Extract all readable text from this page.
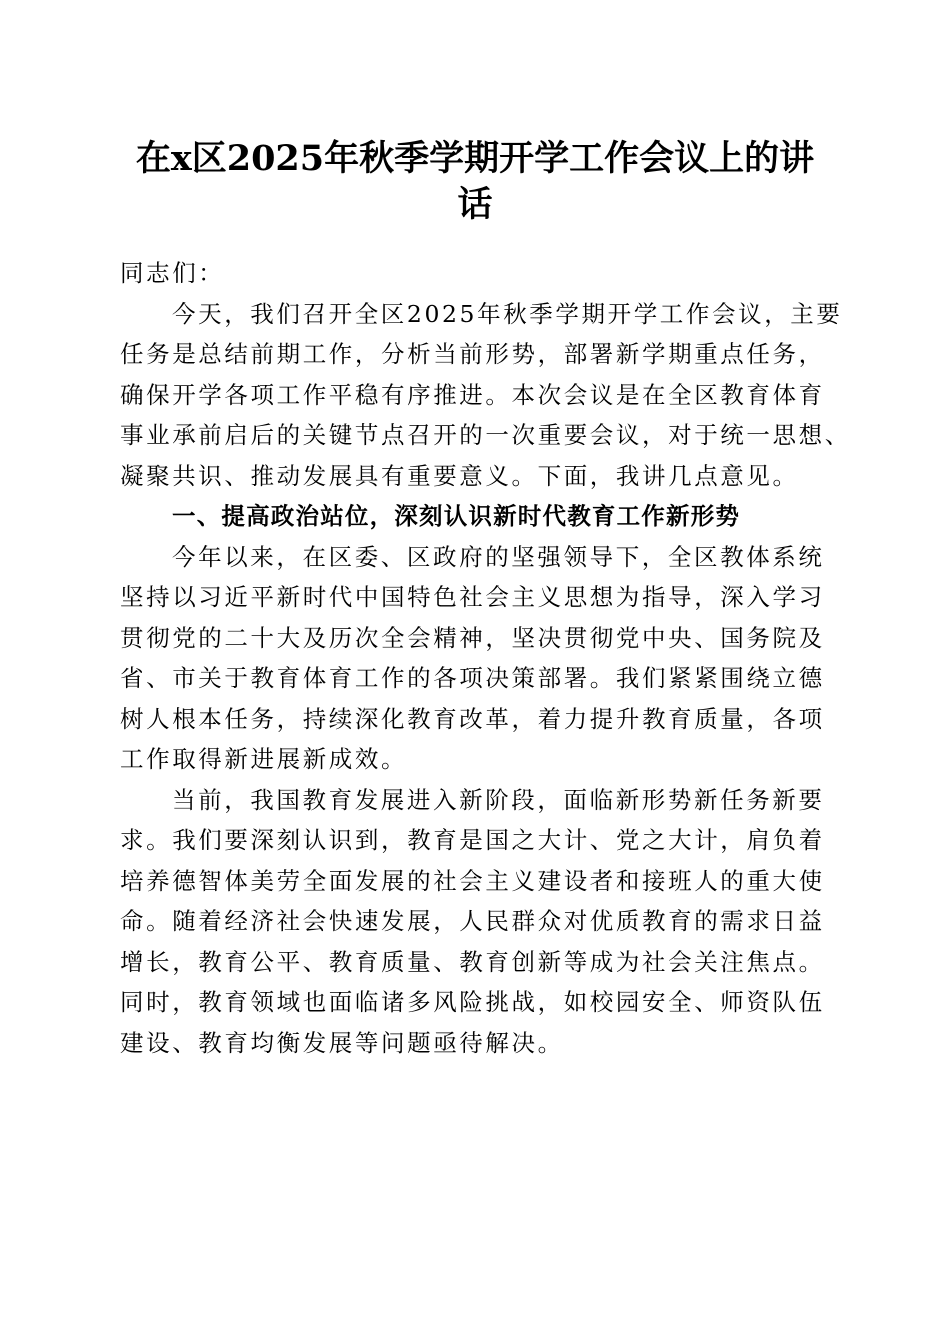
在x区2025年秋季学期开学工作会议上的讲
话
同志们：
今天，我们召开全区2025年秋季学期开学工作会议，主要
任务是总结前期工作，分析当前形势，部署新学期重点任务，
确保开学各项工作平稳有序推进。本次会议是在全区教育体育
事业承前启后的关键节点召开的一次重要会议，对于统一思想、
凝聚共识、推动发展具有重要意义。下面，我讲几点意见。
一、提高政治站位，深刻认识新时代教育工作新形势
今年以来，在区委、区政府的坚强领导下，全区教体系统
坚持以习近平新时代中国特色社会主义思想为指导，深入学习
贯彻党的二十大及历次全会精神，坚决贯彻党中央、国务院及
省、市关于教育体育工作的各项决策部署。我们紧紧围绕立德
树人根本任务，持续深化教育改革，着力提升教育质量，各项
工作取得新进展新成效。
当前，我国教育发展进入新阶段，面临新形势新任务新要
求。我们要深刻认识到，教育是国之大计、党之大计，肩负着
培养德智体美劳全面发展的社会主义建设者和接班人的重大使
命。随着经济社会快速发展，人民群众对优质教育的需求日益
增长，教育公平、教育质量、教育创新等成为社会关注焦点。
同时，教育领域也面临诸多风险挑战，如校园安全、师资队伍
建设、教育均衡发展等问题亟待解决。
